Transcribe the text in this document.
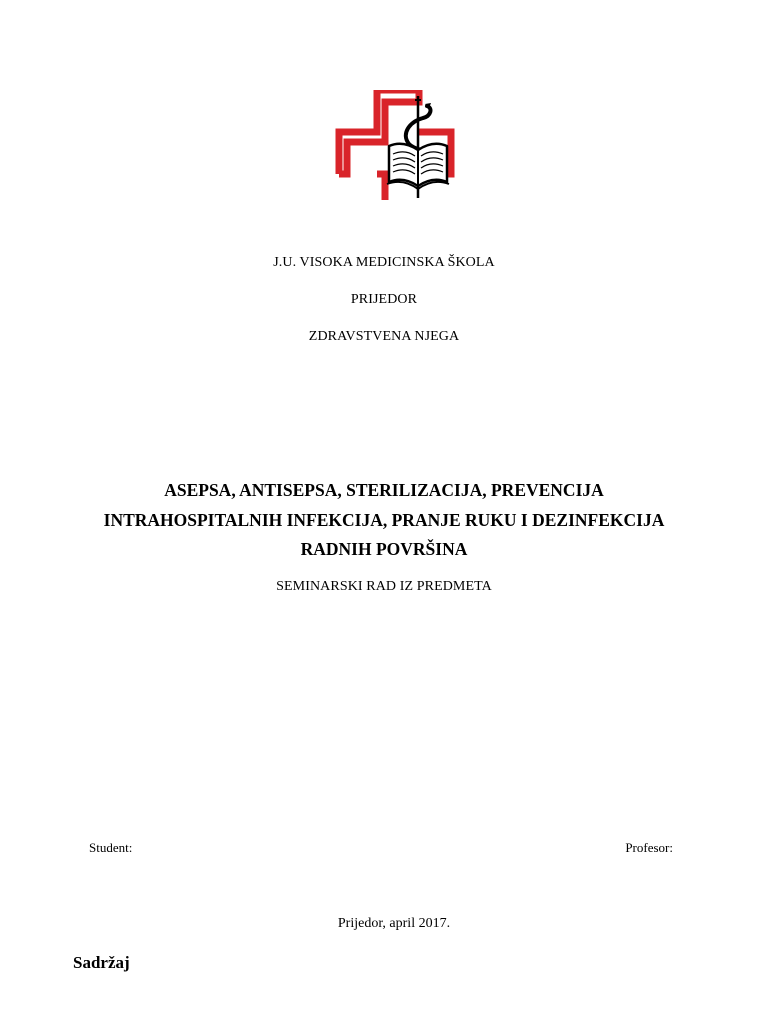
J.U. VISOKA MEDICINSKA ŠKOLA
PRIJEDOR
ZDRAVSTVENA NJEGA
ASEPSA, ANTISEPSA, STERILIZACIJA, PREVENCIJA
INTRAHOSPITALNIH INFEKCIJA, PRANJE RUKU I DEZINFEKCIJA
RADNIH POVRŠINA
SEMINARSKI RAD IZ PREDMETA
Student:	Profesor:
Prijedor, april 2017.
Sadržaj
